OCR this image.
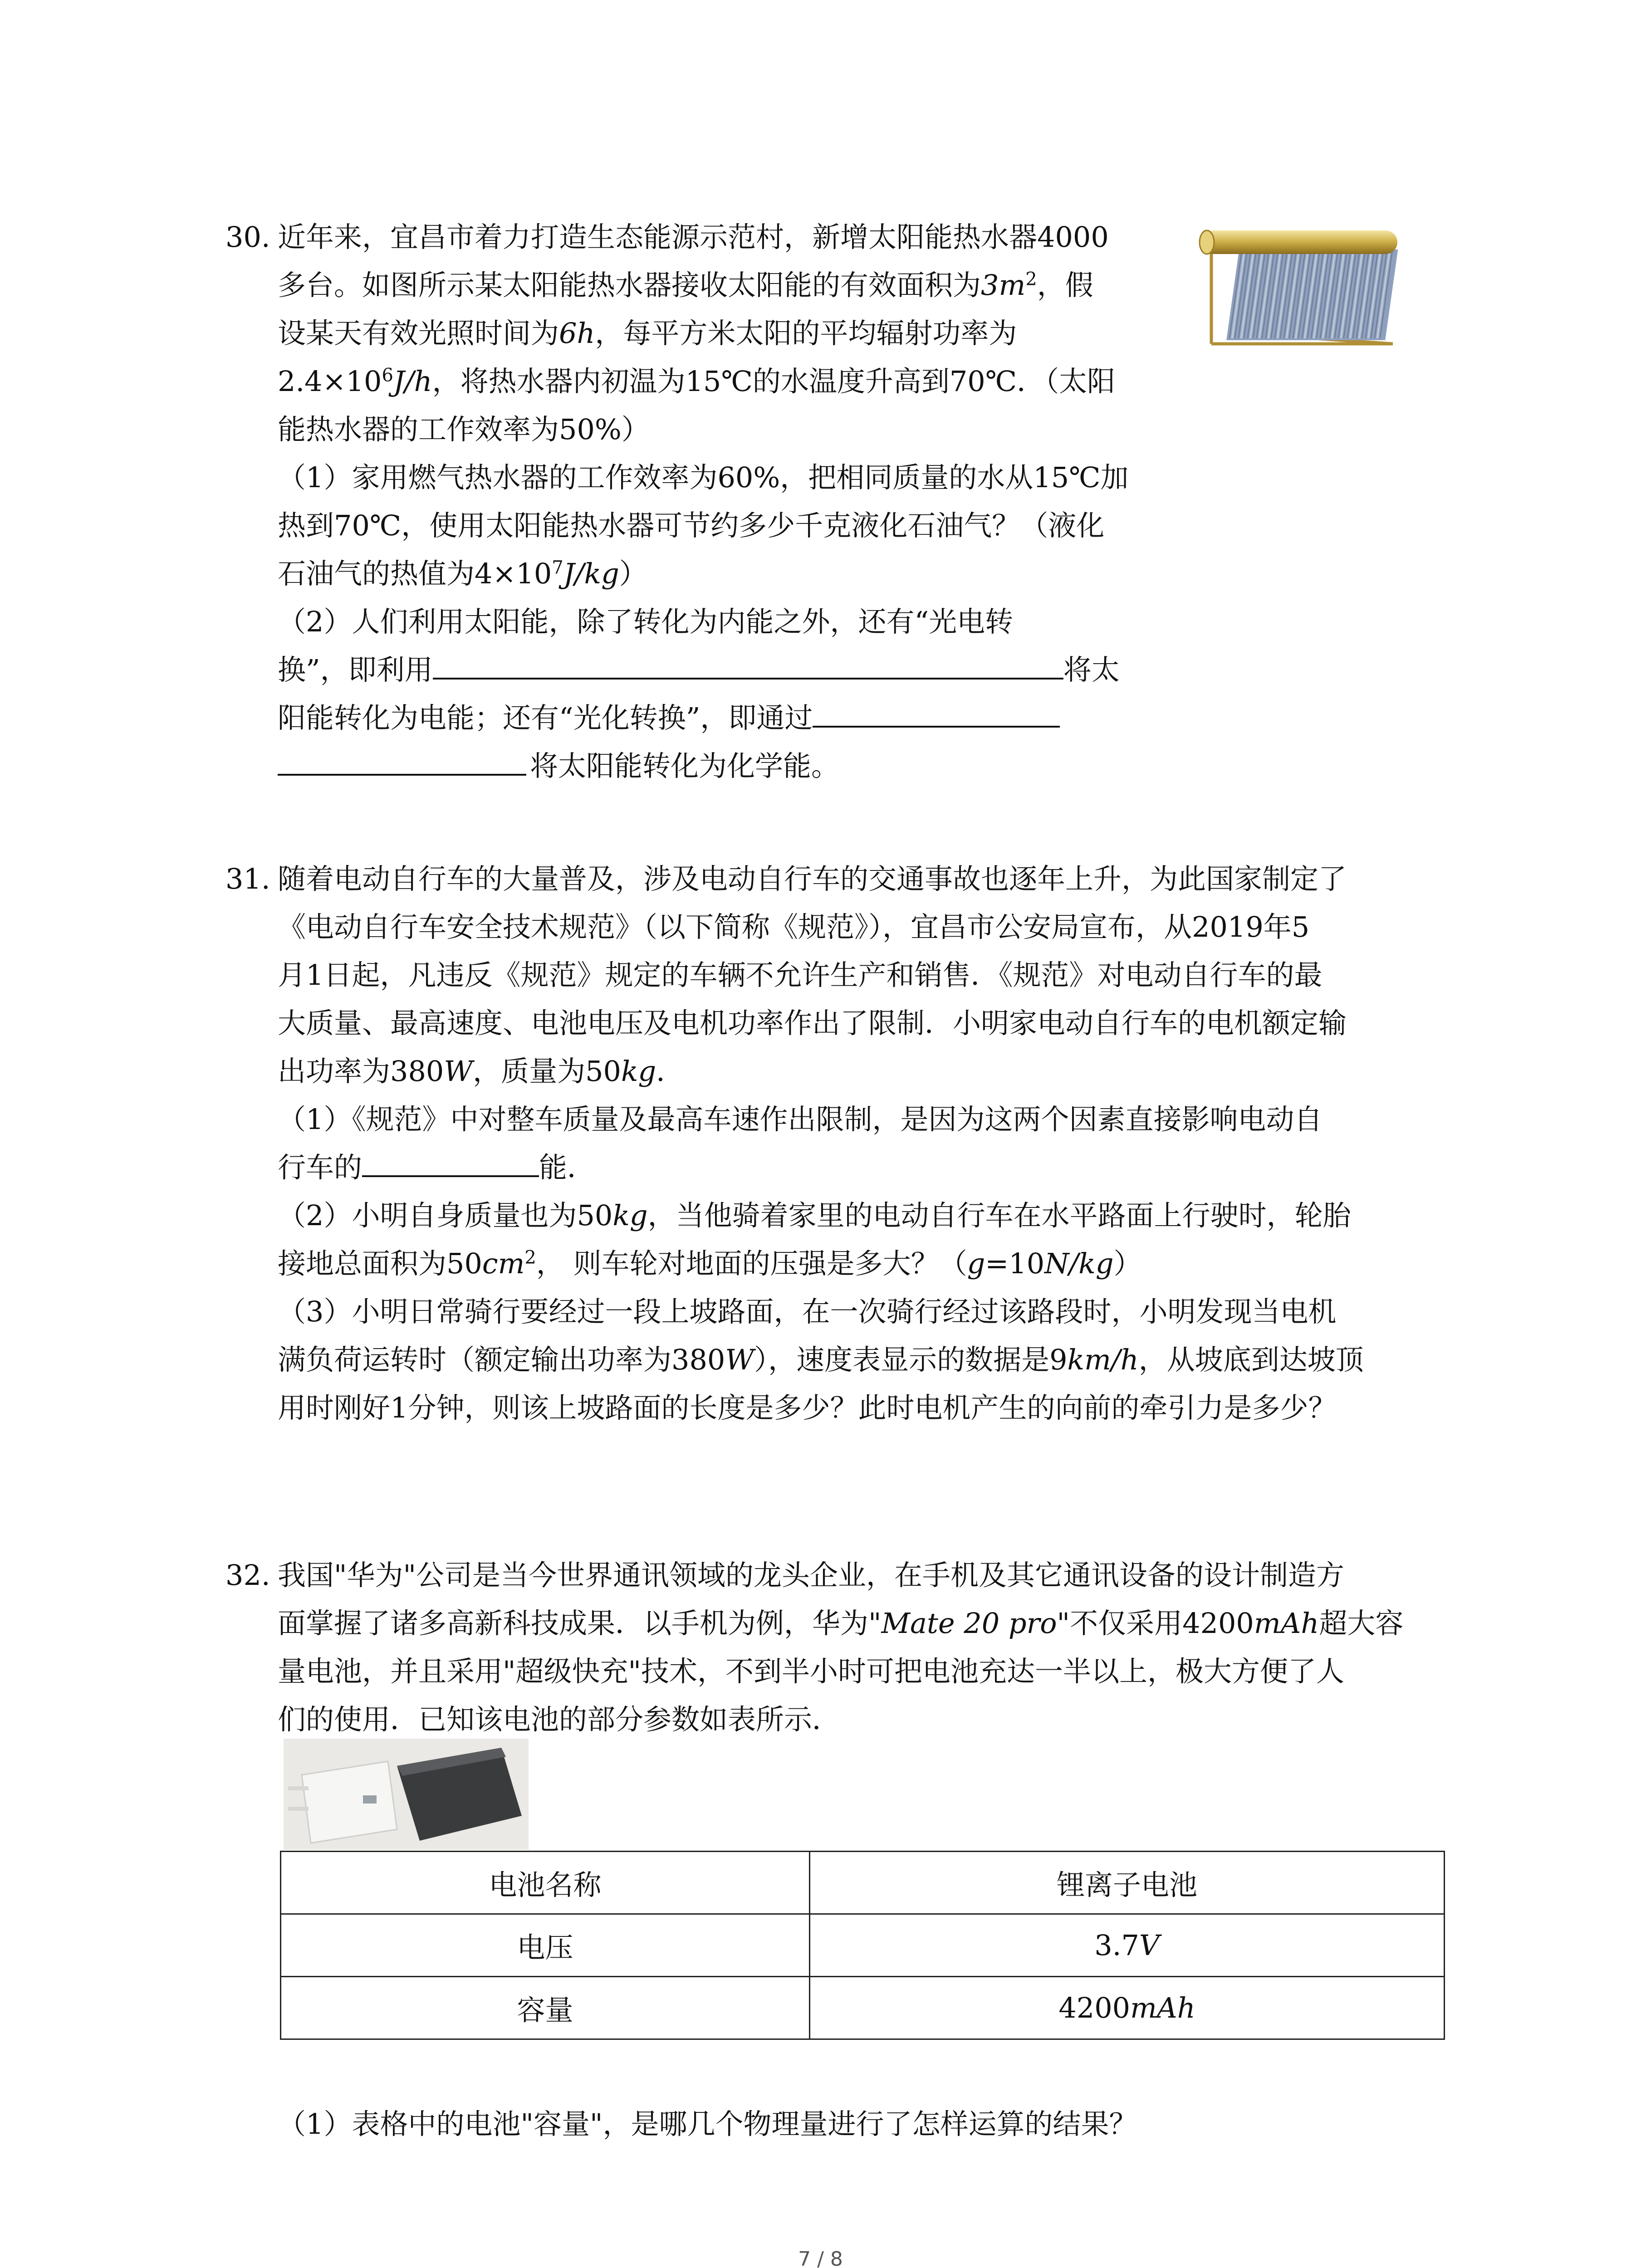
30. 近年来，宜昌市着力打造生态能源示范村，新增太阳能热水器4000
多台。如图所示某太阳能热水器接收太阳能的有效面积为$3m^2$，假
设某天有效光照时间为6h，每平方米太阳的平均辐射功率为
$2.4\times 10^6J/h$，将热水器内初温为15℃的水温度升高到70℃．（太阳
能热水器的工作效率为50%）
（1）家用燃气热水器的工作效率为60%，把相同质量的水从15℃加
热到70℃，使用太阳能热水器可节约多少千克液化石油气？（液化
石油气的热值为$4\times 10^7J/kg$）
（2）人们利用太阳能，除了转化为内能之外，还有“光电转
换”，即利用	将太
阳能转化为电能；还有“光化转换”，即通过
将太阳能转化为化学能。
31. 随着电动自行车的大量普及，涉及电动自行车的交通事故也逐年上升，为此国家制定了
《电动自行车安全技术规范》（以下简称《规范》），宜昌市公安局宣布，从2019年5
月1日起，凡违反《规范》规定的车辆不允许生产和销售．《规范》对电动自行车的最
大质量、最高速度、电池电压及电机功率作出了限制．小明家电动自行车的电机额定输
出功率为380W，质量为50kg．
（1）《规范》中对整车质量及最高车速作出限制，是因为这两个因素直接影响电动自
行车的	能．
（2）小明自身质量也为50kg，当他骑着家里的电动自行车在水平路面上行驶时，轮胎
接地总面积为$50cm^2$， 则车轮对地面的压强是多大？（g=10N/kg）
（3）小明日常骑行要经过一段上坡路面，在一次骑行经过该路段时，小明发现当电机
满负荷运转时（额定输出功率为380W），速度表显示的数据是9km/h，从坡底到达坡顶
用时刚好1分钟，则该上坡路面的长度是多少？此时电机产生的向前的牵引力是多少？
32. 我国"华为"公司是当今世界通讯领域的龙头企业，在手机及其它通讯设备的设计制造方
面掌握了诸多高新科技成果．以手机为例，华为"Mate 20 pro"不仅采用4200mAh超大容
量电池，并且采用"超级快充"技术，不到半小时可把电池充达一半以上，极大方便了人
们的使用．已知该电池的部分参数如表所示．
电池名称	锂离子电池
电压	3.7V
容量	4200mAh
（1）表格中的电池"容量"，是哪几个物理量进行了怎样运算的结果？
7 / 8
